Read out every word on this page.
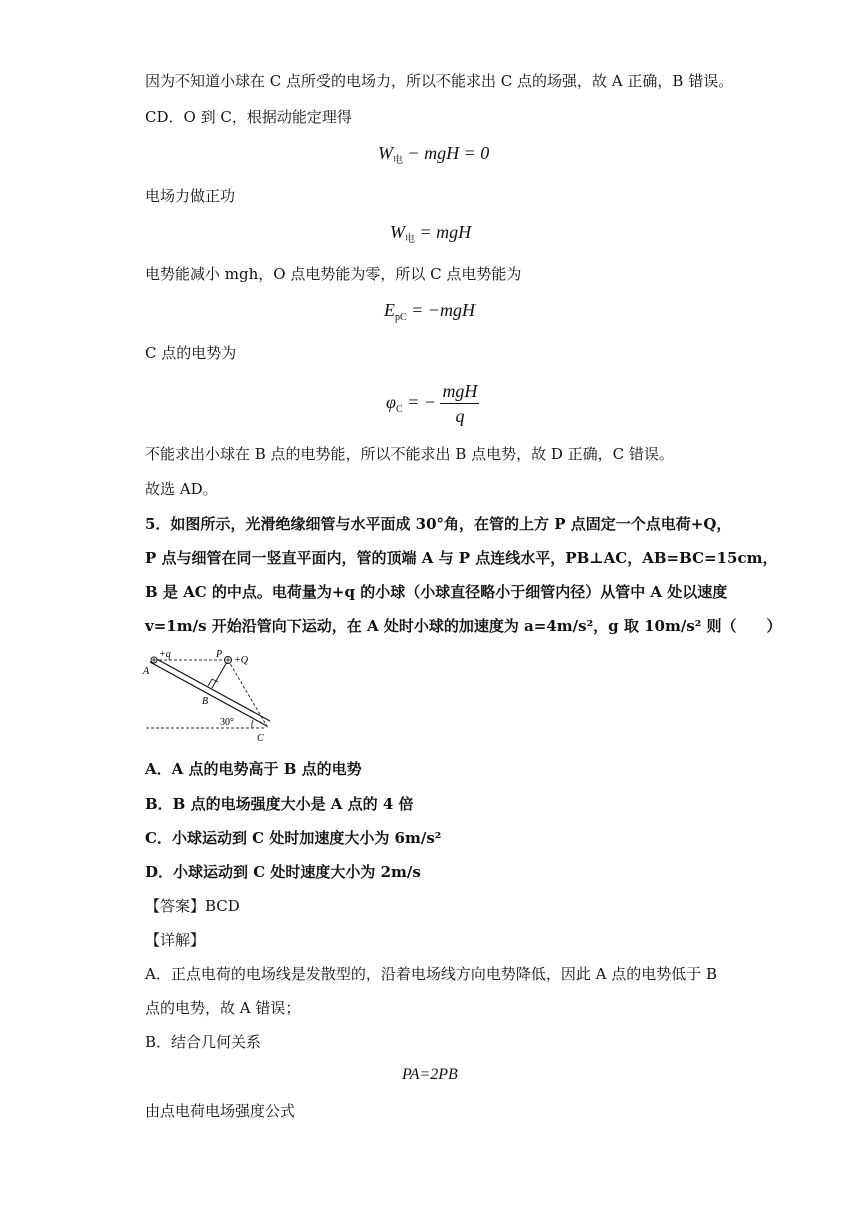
因为不知道小球在 C 点所受的电场力，所以不能求出 C 点的场强，故 A 正确，B 错误。
CD．O 到 C，根据动能定理得
$W_电$ − mgH = 0
电场力做正功
$W_电$ = mgH
电势能减小 mgh，O 点电势能为零，所以 C 点电势能为
$E_{pC} = -mgH$
C 点的电势为
$\varphi_C$ = − $\frac{\text{mgH}}{q}$
不能求出小球在 B 点的电势能，所以不能求出 B 点电势，故 D 正确，C 错误。
故选 AD。
5．如图所示，光滑绝缘细管与水平面成 30°角，在管的上方 P 点固定一个点电荷+Q，
P 点与细管在同一竖直平面内，管的顶端 A 与 P 点连线水平，PB⊥AC，AB=BC=15cm，
B 是 AC 的中点。电荷量为+q 的小球（小球直径略小于细管内径）从管中 A 处以速度
v=1m/s 开始沿管向下运动，在 A 处时小球的加速度为 a=4m/s²，g 取 10m/s² 则（　　）
+q	P
+Q
A
B
30°
C
A．A 点的电势高于 B 点的电势
B．B 点的电场强度大小是 A 点的 4 倍
C．小球运动到 C 处时加速度大小为 6m/s²
D．小球运动到 C 处时速度大小为 2m/s
【答案】BCD
【详解】
A．正点电荷的电场线是发散型的，沿着电场线方向电势降低，因此 A 点的电势低于 B
点的电势，故 A 错误；
B．结合几何关系
PA=2PB
由点电荷电场强度公式
